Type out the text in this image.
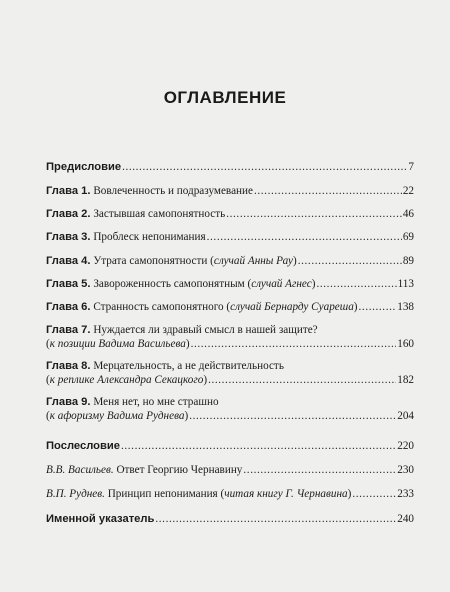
ОГЛАВЛЕНИЕ
Предисловие .....	7
Глава 1. Вовлеченность и подразумевание .....	22
Глава 2. Застывшая самопонятность .....	46
Глава 3. Проблеск непонимания .....	69
Глава 4. Утрата самопонятности (случай Анны Рау) .....	89
Глава 5. Завороженность самопонятным (случай Агнес) .....	113
Глава 6. Странность самопонятного (случай Бернарду Суареша) .....	138
Глава 7. Нуждается ли здравый смысл в нашей защите?
(к позиции Вадима Васильева) .....	160
Глава 8. Мерцательность, а не действительность
(к реплике Александра Секацкого) .....	182
Глава 9. Меня нет, но мне страшно
(к афоризму Вадима Руднева) .....	204
Послесловие .....	220
В.В. Васильев. Ответ Георгию Чернавину .....	230
В.П. Руднев. Принцип непонимания (читая книгу Г. Чернавина) .....	233
Именной указатель .....	240
